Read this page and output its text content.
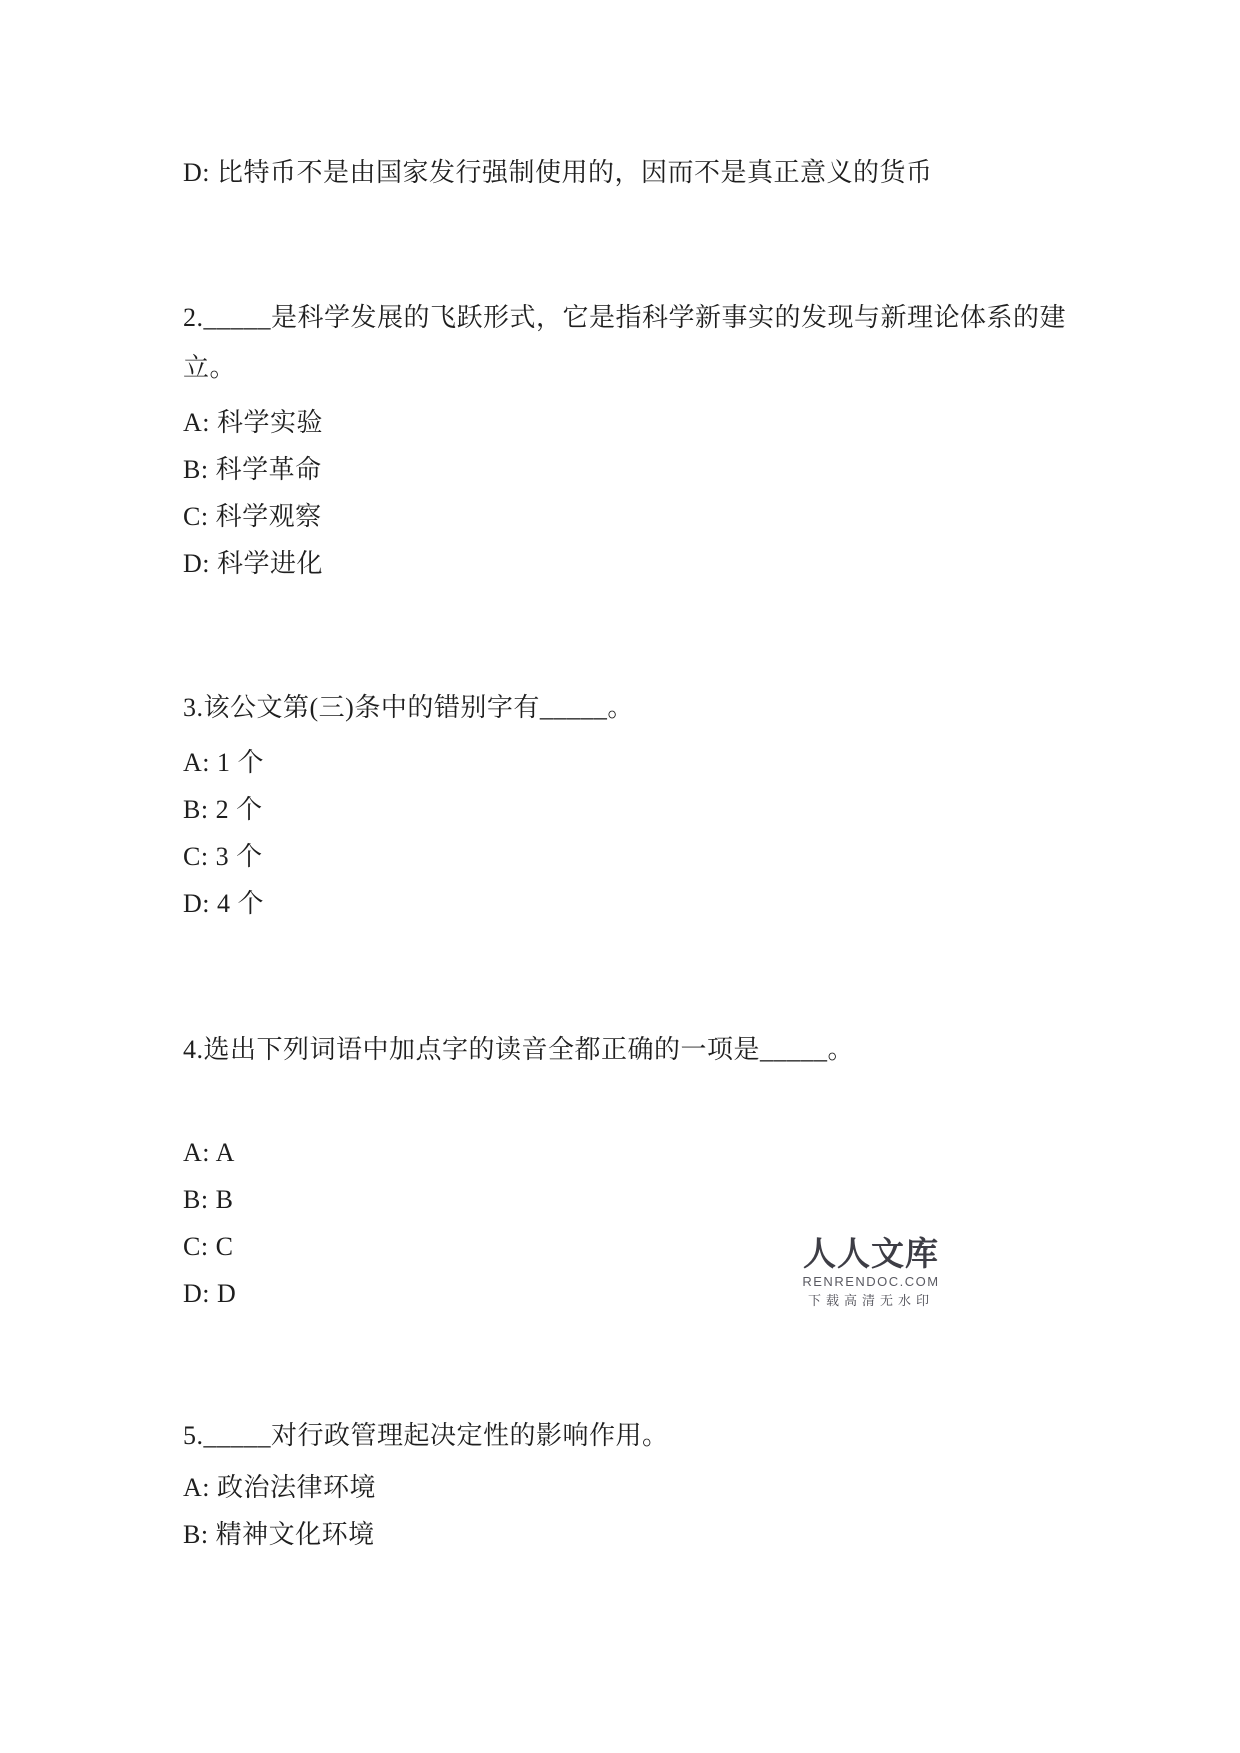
D: 比特币不是由国家发行强制使用的，因而不是真正意义的货币
2._____是科学发展的飞跃形式，它是指科学新事实的发现与新理论体系的建
立。
A: 科学实验
B: 科学革命
C: 科学观察
D: 科学进化
3.该公文第(三)条中的错别字有_____。
A: 1 个
B: 2 个
C: 3 个
D: 4 个
4.选出下列词语中加点字的读音全都正确的一项是_____。
A: A
B: B
C: C
D: D
人人文库
RENRENDOC.COM
下载高清无水印
5._____对行政管理起决定性的影响作用。
A: 政治法律环境
B: 精神文化环境
